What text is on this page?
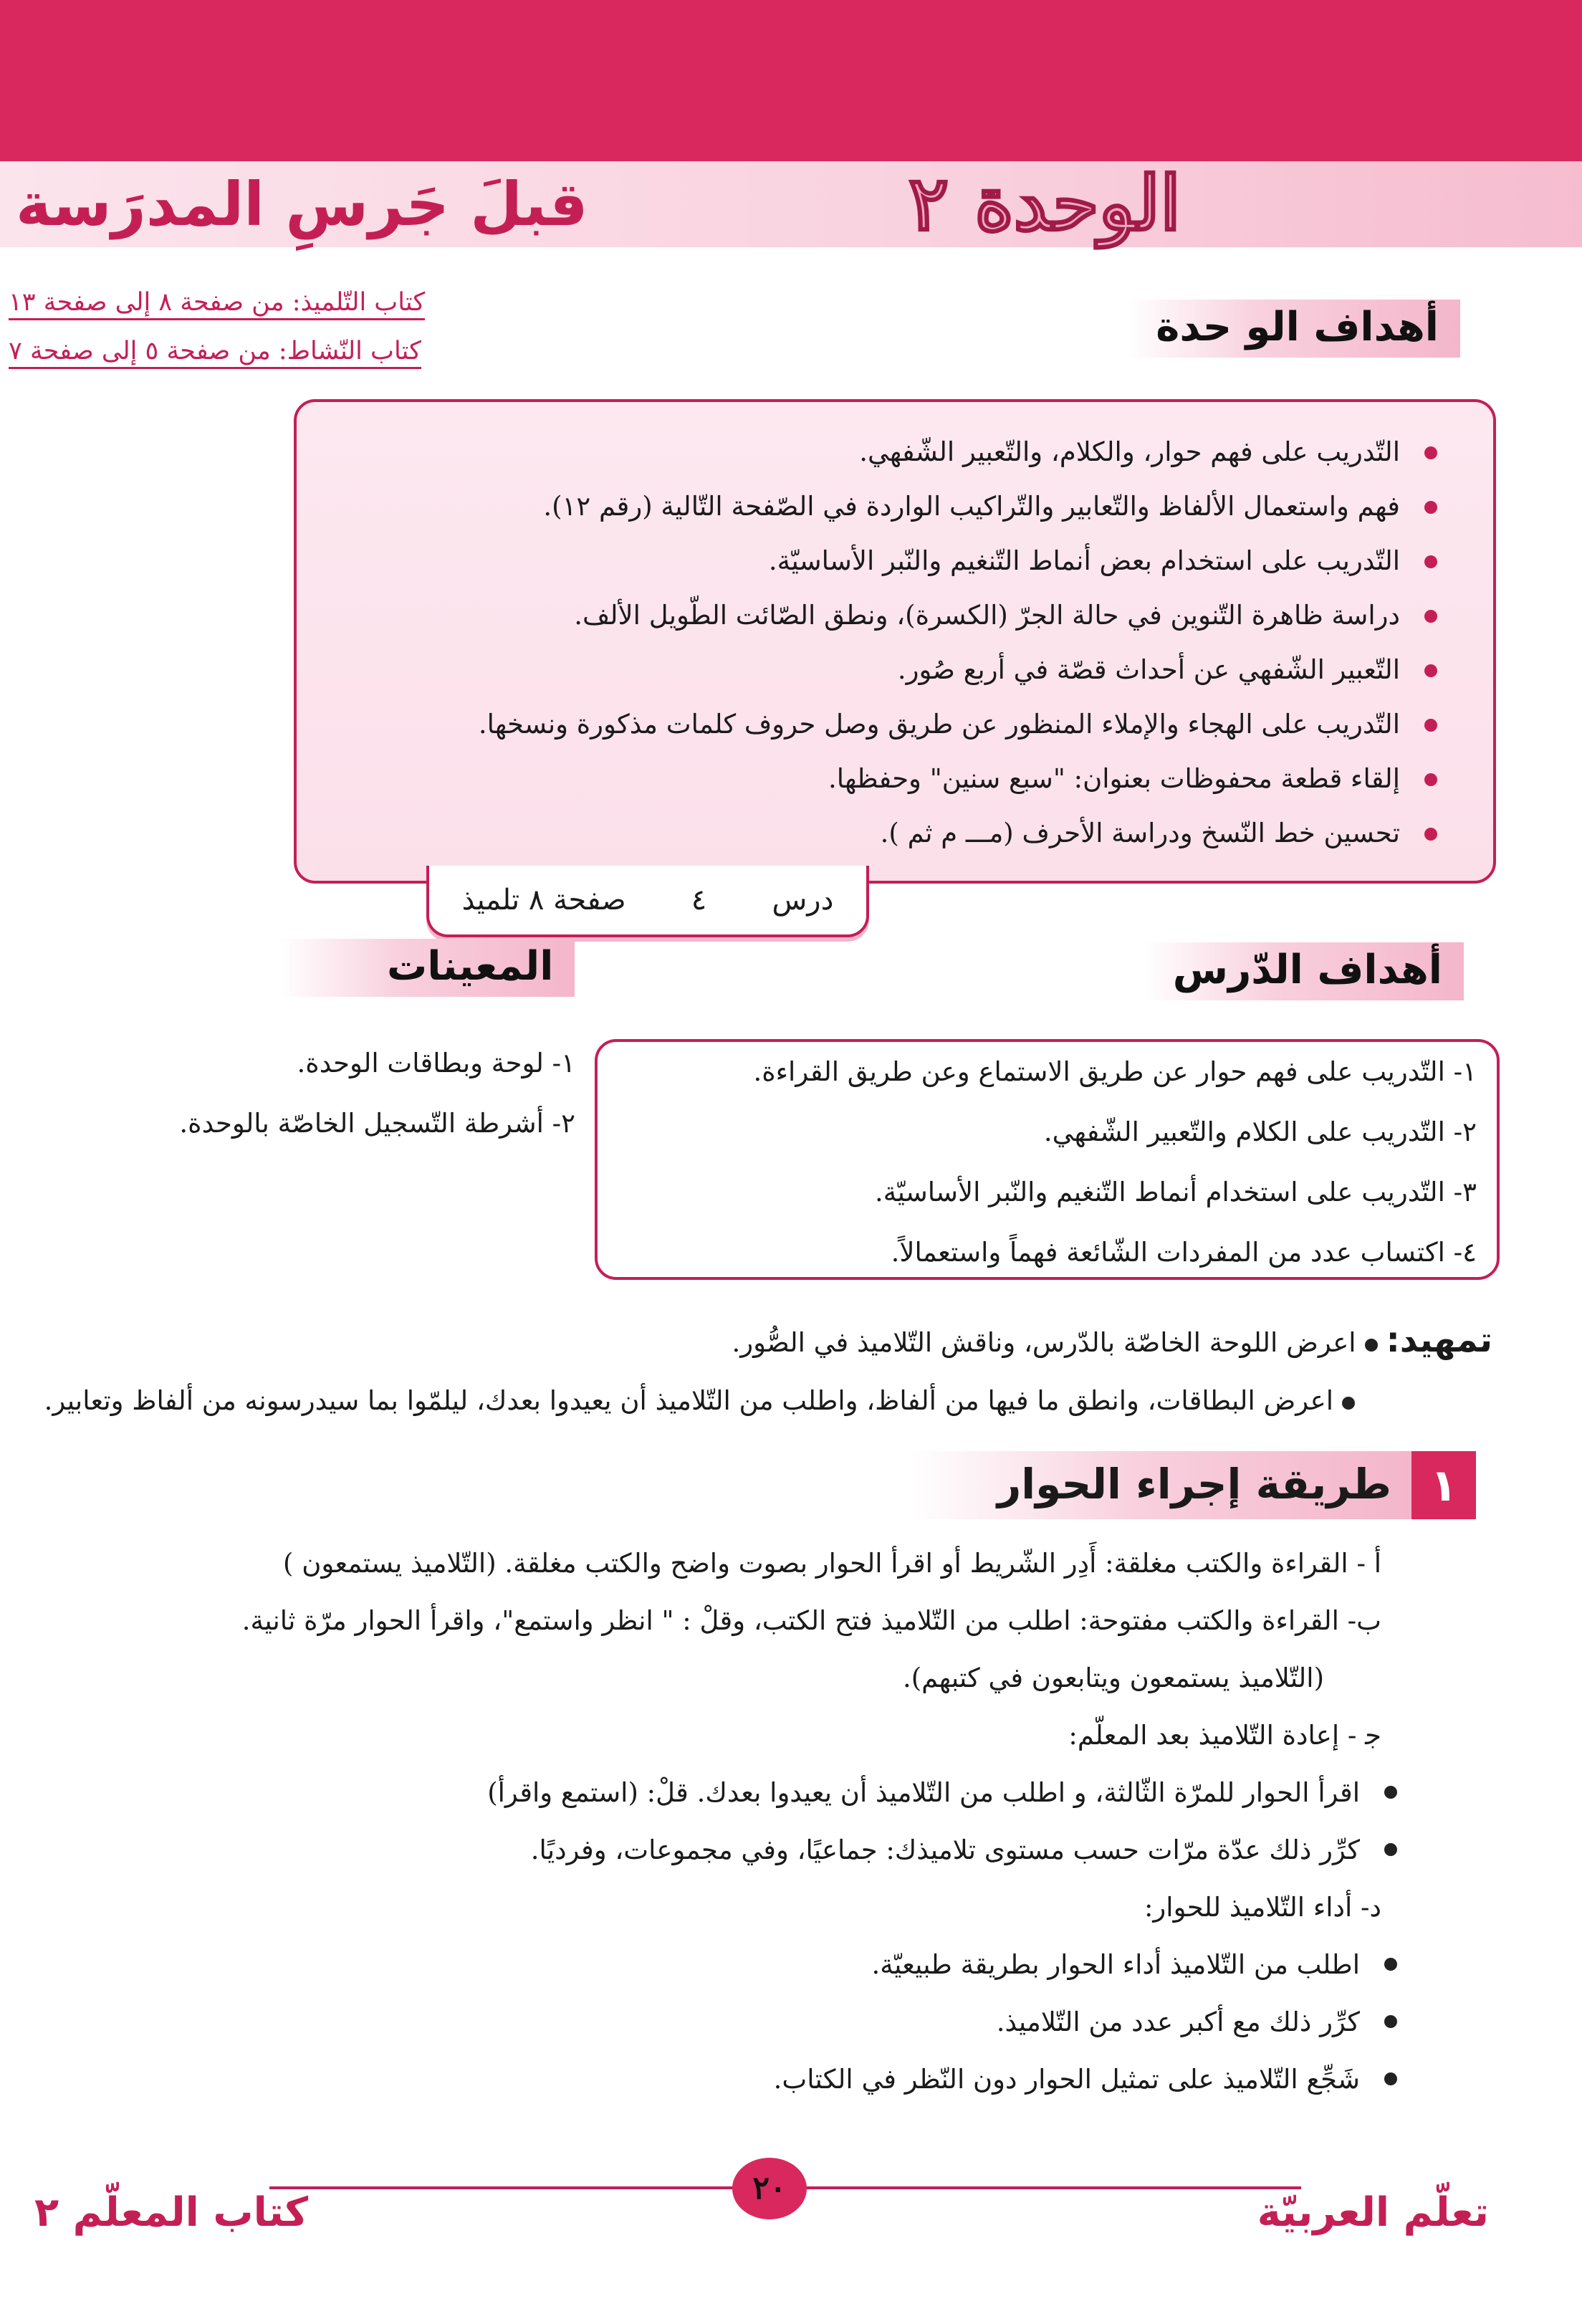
الوحدة ٢
قبلَ جَرسِ المدرَسة
كتاب التّلميذ: من صفحة ٨ إلى صفحة ١٣
كتاب النّشاط: من صفحة ٥ إلى صفحة ٧
أهداف الو حدة
التّدريب على فهم حوار، والكلام، والتّعبير الشّفهي.
فهم واستعمال الألفاظ والتّعابير والتّراكيب الواردة في الصّفحة التّالية (رقم ١٢).
التّدريب على استخدام بعض أنماط التّنغيم والنّبر الأساسيّة.
دراسة ظاهرة التّنوين في حالة الجرّ (الكسرة)، ونطق الصّائت الطّويل الألف.
التّعبير الشّفهي عن أحداث قصّة في أربع صُور.
التّدريب على الهجاء والإملاء المنظور عن طريق وصل حروف كلمات مذكورة ونسخها.
إلقاء قطعة محفوظات بعنوان: "سبع سنين" وحفظها.
تحسين خط النّسخ ودراسة الأحرف (مـــ م ثم ).
درس
٤
صفحة ٨ تلميذ
أهداف الدّرس
المعينات
١- التّدريب على فهم حوار عن طريق الاستماع وعن طريق القراءة.
٢- التّدريب على الكلام والتّعبير الشّفهي.
٣- التّدريب على استخدام أنماط التّنغيم والنّبر الأساسيّة.
٤- اكتساب عدد من المفردات الشّائعة فهماً واستعمالاً.
١- لوحة وبطاقات الوحدة.
٢- أشرطة التّسجيل الخاصّة بالوحدة.
تمهيد:اعرض اللوحة الخاصّة بالدّرس، وناقش التّلاميذ في الصُّور.
اعرض البطاقات، وانطق ما فيها من ألفاظ، واطلب من التّلاميذ أن يعيدوا بعدك، ليلمّوا بما سيدرسونه من ألفاظ وتعابير.
١
طريقة إجراء الحوار
أ - القراءة والكتب مغلقة: أَدِر الشّريط أو اقرأ الحوار بصوت واضح والكتب مغلقة. (التّلاميذ يستمعون )
ب- القراءة والكتب مفتوحة: اطلب من التّلاميذ فتح الكتب، وقلْ : " انظر واستمع"، واقرأ الحوار مرّة ثانية.
(التّلاميذ يستمعون ويتابعون في كتبهم).
ﺟ - إعادة التّلاميذ بعد المعلّم:
اقرأ الحوار للمرّة الثّالثة، و اطلب من التّلاميذ أن يعيدوا بعدك. قلْ: (استمع واقرأ)
كرِّر ذلك عدّة مرّات حسب مستوى تلاميذك: جماعيًا، وفي مجموعات، وفرديًا.
د- أداء التّلاميذ للحوار:
اطلب من التّلاميذ أداء الحوار بطريقة طبيعيّة.
كرِّر ذلك مع أكبر عدد من التّلاميذ.
شَجِّع التّلاميذ على تمثيل الحوار دون النّظر في الكتاب.
٢٠
تعلّم العربيّة
كتاب المعلّم ٢
